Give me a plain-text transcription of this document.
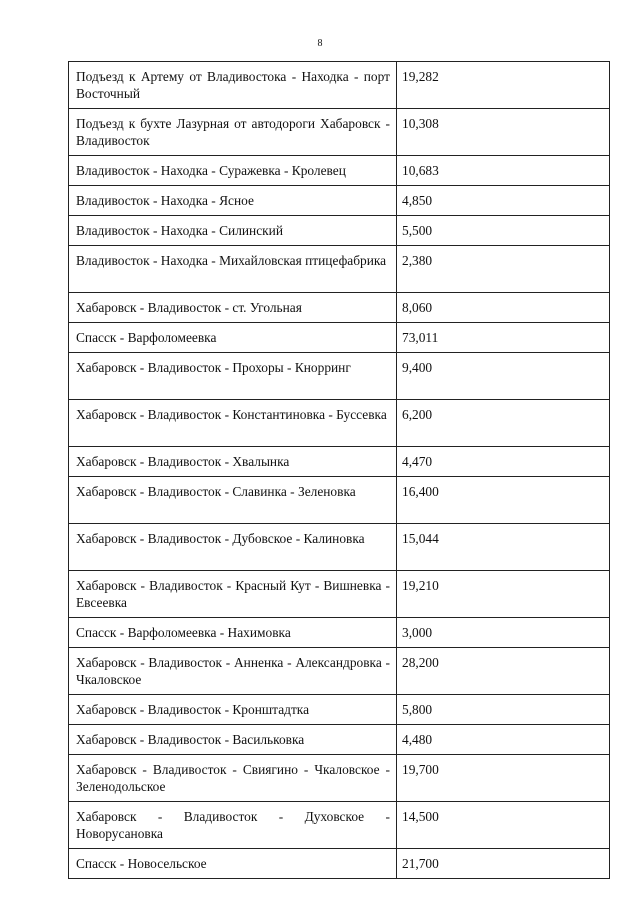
8
Подъезд к Артему от Владивостока - Находка - порт Восточный	19,282
Подъезд к бухте Лазурная от автодороги Хабаровск - Владивосток	10,308
Владивосток - Находка - Суражевка - Кролевец	10,683
Владивосток - Находка - Ясное	4,850
Владивосток - Находка - Силинский	5,500
Владивосток - Находка - Михайловская птицефабрика	2,380
Хабаровск - Владивосток - ст. Угольная	8,060
Спасск - Варфоломеевка	73,011
Хабаровск - Владивосток - Прохоры - Кнорринг	9,400
Хабаровск - Владивосток - Константиновка - Буссевка	6,200
Хабаровск - Владивосток - Хвалынка	4,470
Хабаровск - Владивосток - Славинка - Зеленовка	16,400
Хабаровск - Владивосток - Дубовское - Калиновка	15,044
Хабаровск - Владивосток - Красный Кут - Вишневка - Евсеевка	19,210
Спасск - Варфоломеевка - Нахимовка	3,000
Хабаровск - Владивосток - Анненка - Александровка - Чкаловское	28,200
Хабаровск - Владивосток - Кронштадтка	5,800
Хабаровск - Владивосток - Васильковка	4,480
Хабаровск - Владивосток - Свиягино - Чкаловское - Зеленодольское	19,700
Хабаровск - Владивосток - Духовское - Новорусановка	14,500
Спасск - Новосельское	21,700
